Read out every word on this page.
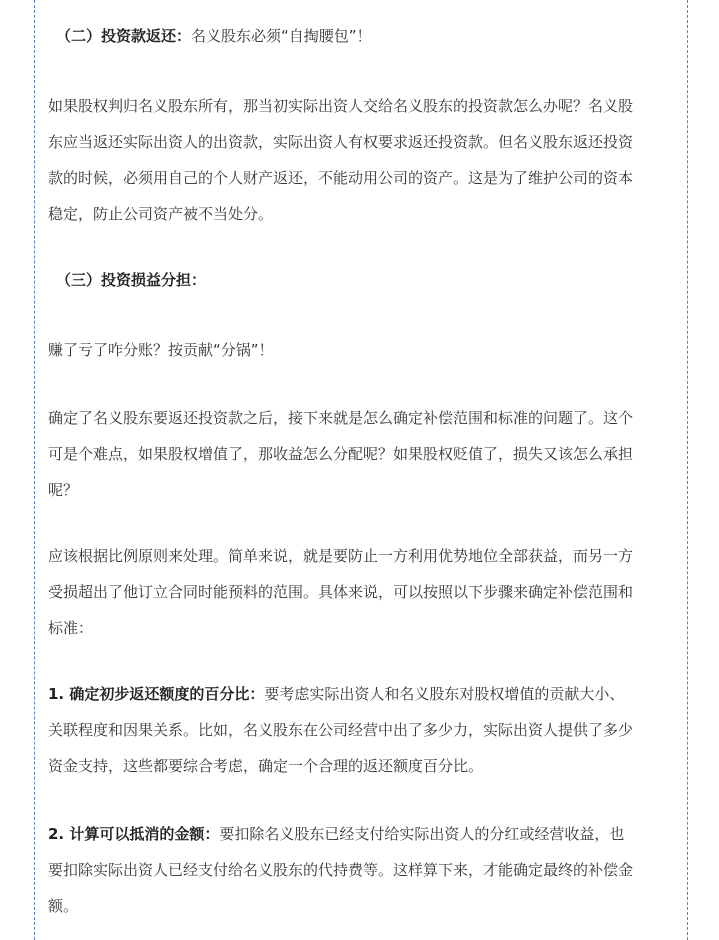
（二）投资款返还：名义股东必须“自掏腰包”！

如果股权判归名义股东所有，那当初实际出资人交给名义股东的投资款怎么办呢？名义股
东应当返还实际出资人的出资款，实际出资人有权要求返还投资款。但名义股东返还投资
款的时候，必须用自己的个人财产返还，不能动用公司的资产。这是为了维护公司的资本
稳定，防止公司资产被不当处分。

（三）投资损益分担：

赚了亏了咋分账？按贡献“分锅”！

确定了名义股东要返还投资款之后，接下来就是怎么确定补偿范围和标准的问题了。这个
可是个难点，如果股权增值了，那收益怎么分配呢？如果股权贬值了，损失又该怎么承担
呢？

应该根据比例原则来处理。简单来说，就是要防止一方利用优势地位全部获益，而另一方
受损超出了他订立合同时能预料的范围。具体来说，可以按照以下步骤来确定补偿范围和
标准：

1. 确定初步返还额度的百分比：要考虑实际出资人和名义股东对股权增值的贡献大小、
关联程度和因果关系。比如，名义股东在公司经营中出了多少力，实际出资人提供了多少
资金支持，这些都要综合考虑，确定一个合理的返还额度百分比。

2. 计算可以抵消的金额：要扣除名义股东已经支付给实际出资人的分红或经营收益，也
要扣除实际出资人已经支付给名义股东的代持费等。这样算下来，才能确定最终的补偿金
额。
